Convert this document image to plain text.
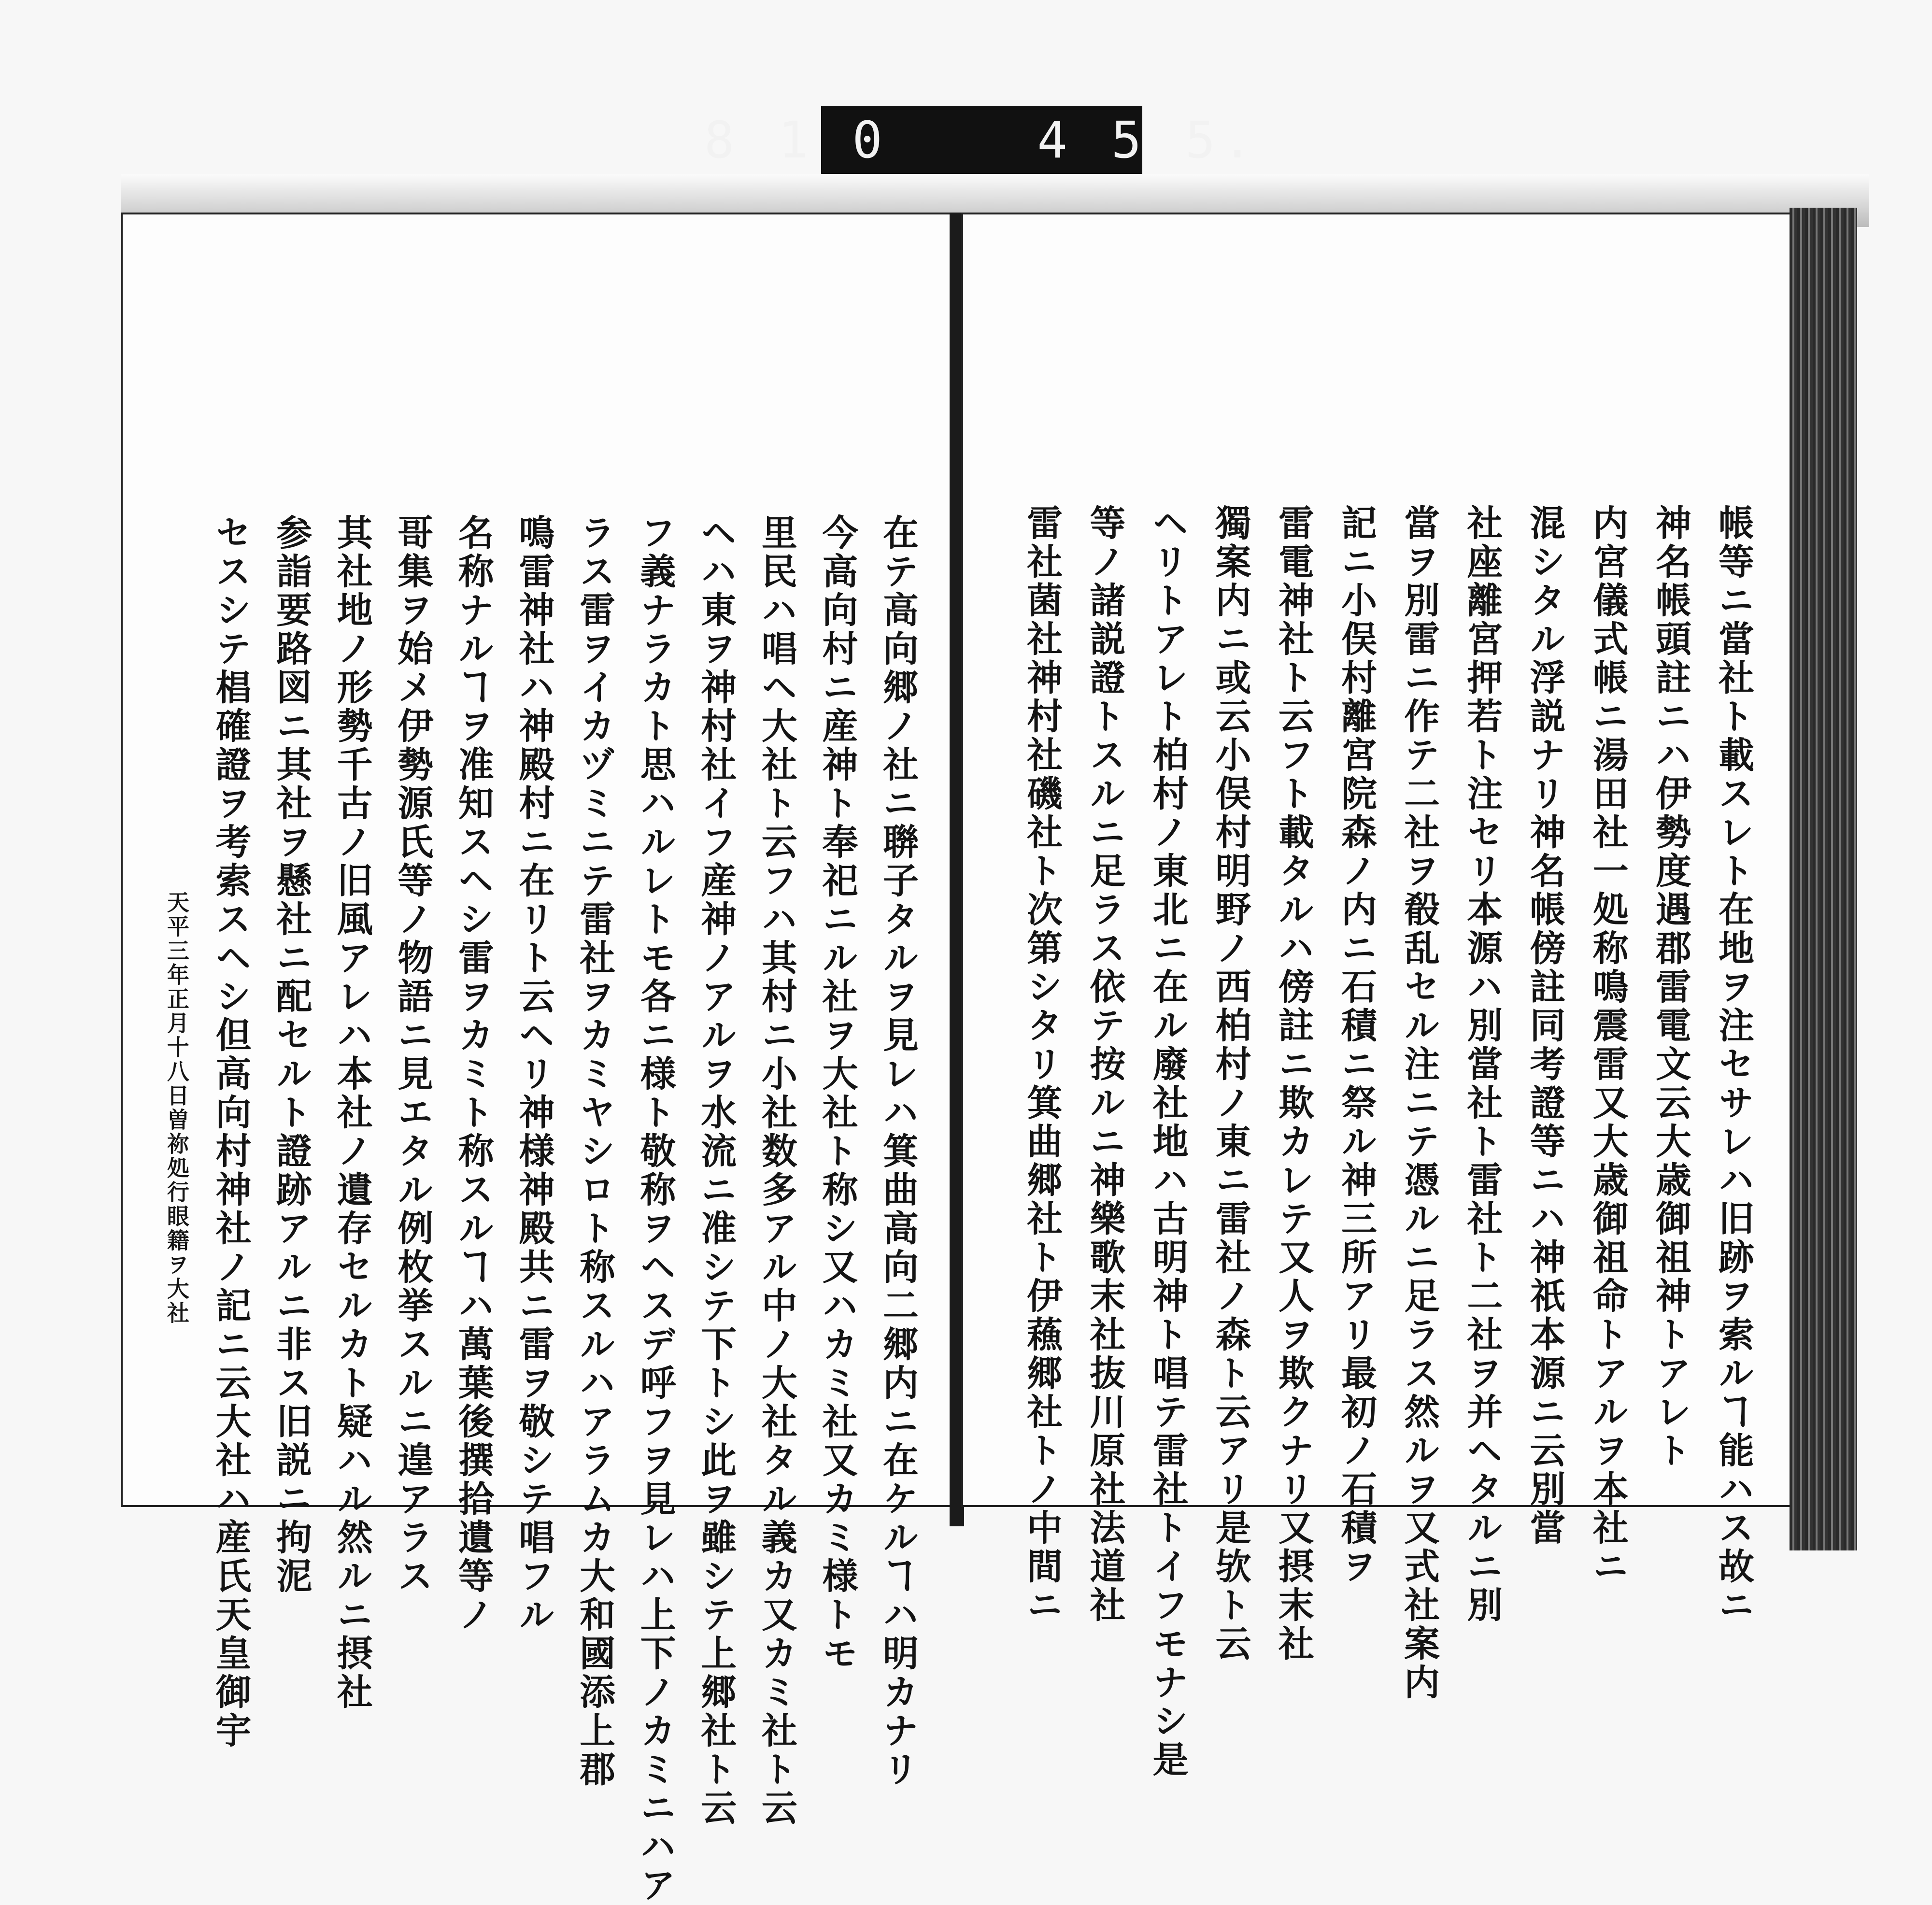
8 1 0    4 5 5.
在テ高向郷ノ社ニ聨子タルヲ見レハ箕曲高向二郷内ニ在ケルヿハ明カナリ
今高向村ニ産神ト奉祀ニル社ヲ大社ト称シ又ハカミ社又カミ様トモ
里民ハ唱ヘ大社ト云フハ其村ニ小社数多アル中ノ大社タル義カ又カミ社ト云
ヘハ東ヲ神村社イフ産神ノアルヲ水流ニ准シテ下トシ此ヲ雖シテ上郷社ト云
フ義ナラカト思ハルレトモ各ニ様ト敬称ヲヘスデ呼フヲ見レハ上下ノカミニハア
ラス雷ヲイカヅミニテ雷社ヲカミヤシロト称スルハアラムカ大和國添上郡
鳴雷神社ハ神殿村ニ在リト云ヘリ神様神殿共ニ雷ヲ敬シテ唱フル
名称ナルヿヲ准知スヘシ雷ヲカミト称スルヿハ萬葉後撰拾遺等ノ
哥集ヲ始メ伊勢源氏等ノ物語ニ見エタル例枚挙スルニ遑アラス
其社地ノ形勢千古ノ旧風アレハ本社ノ遺存セルカト疑ハル然ルニ摂社
参詣要路図ニ其社ヲ懸社ニ配セルト證跡アルニ非ス旧説ニ拘泥
セスシテ椙確證ヲ考索スヘシ但高向村神社ノ記ニ云大社ハ産氏天皇御宇
天平三年正月十八日曽祢処行眼籍ヲ大社	帳等ニ當社ト載スレト在地ヲ注セサレハ旧跡ヲ索ルヿ能ハス故ニ
神名帳頭註ニハ伊勢度遇郡雷電文云大歳御祖神トアレト
内宮儀式帳ニ湯田社一処称鳴震雷又大歳御祖命トアルヲ本社ニ
混シタル浮説ナリ神名帳傍註同考證等ニハ神祇本源ニ云別當
社座離宮押若ト注セリ本源ハ別當社ト雷社ト二社ヲ并ヘタルニ別
當ヲ別雷ニ作テ二社ヲ殽乱セル注ニテ憑ルニ足ラス然ルヲ又式社案内
記ニ小俣村離宮院森ノ内ニ石積ニ祭ル神三所アリ最初ノ石積ヲ
雷電神社ト云フト載タルハ傍註ニ欺カレテ又人ヲ欺クナリ又摂末社
獨案内ニ或云小俣村明野ノ西柏村ノ東ニ雷社ノ森ト云アリ是欤ト云
ヘリトアレト柏村ノ東北ニ在ル廢社地ハ古明神ト唱テ雷社トイフモナシ是
等ノ諸説證トスルニ足ラス依テ按ルニ神樂歌末社抜川原社法道社
雷社菌社神村社磯社ト次第シタリ箕曲郷社ト伊蘓郷社トノ中間ニ
